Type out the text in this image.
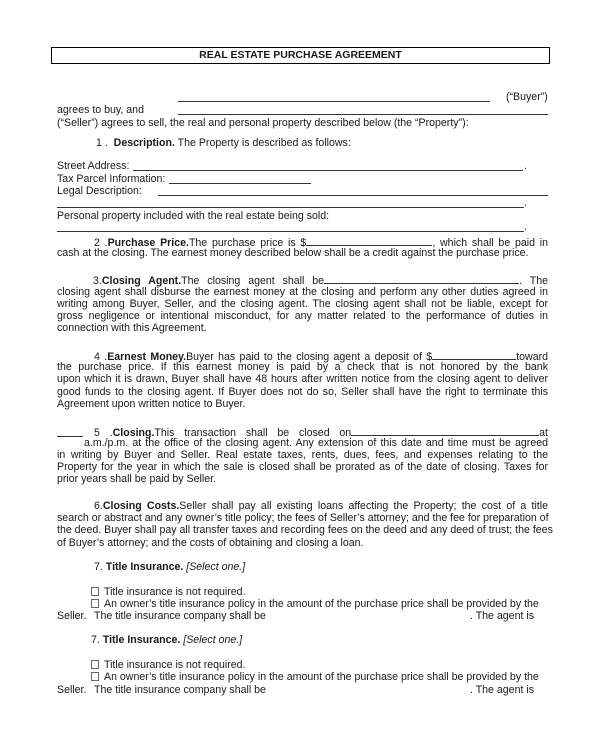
REAL ESTATE PURCHASE AGREEMENT
(“Buyer”)
agrees to buy, and
(“Seller”) agrees to sell, the real and personal property described below (the “Property”):
1 . Description. The Property is described as follows:
Street Address:	.
Tax Parcel Information:
Legal Description:
.
Personal property included with the real estate being sold:
.
2 .Purchase Price.The purchase price is $	, which shall be paid in
cash at the closing. The earnest money described below shall be a credit against the purchase price.
3.Closing Agent.The closing agent shall be	. The
closing agent shall disburse the earnest money at the closing and perform any other duties agreed in
writing among Buyer, Seller, and the closing agent. The closing agent shall not be liable, except for
gross negligence or intentional misconduct, for any matter related to the performance of duties in
connection with this Agreement.
4 .Earnest Money.Buyer has paid to the closing agent a deposit of $	toward
the purchase price. If this earnest money is paid by a check that is not honored by the bank
upon which it is drawn, Buyer shall have 48 hours after written notice from the closing agent to deliver
good funds to the closing agent. If Buyer does not do so, Seller shall have the right to terminate this
Agreement upon written notice to Buyer.
5 .Closing.This transaction shall be closed on	at
a.m./p.m. at the office of the closing agent. Any extension of this date and time must be agreed
in writing by Buyer and Seller. Real estate taxes, rents, dues, fees, and expenses relating to the
Property for the year in which the sale is closed shall be prorated as of the date of closing. Taxes for
prior years shall be paid by Seller.
6.Closing Costs.Seller shall pay all existing loans affecting the Property; the cost of a title
search or abstract and any owner’s title policy; the fees of Seller’s attorney; and the fee for preparation of
the deed. Buyer shall pay all transfer taxes and recording fees on the deed and any deed of trust; the fees
of Buyer’s attorney; and the costs of obtaining and closing a loan.
7. Title Insurance. [Select one.]
Title insurance is not required.
An owner’s title insurance policy in the amount of the purchase price shall be provided by the
Seller. The title insurance company shall be	. The agent is
7. Title Insurance. [Select one.]
Title insurance is not required.
An owner’s title insurance policy in the amount of the purchase price shall be provided by the
Seller. The title insurance company shall be	. The agent is
